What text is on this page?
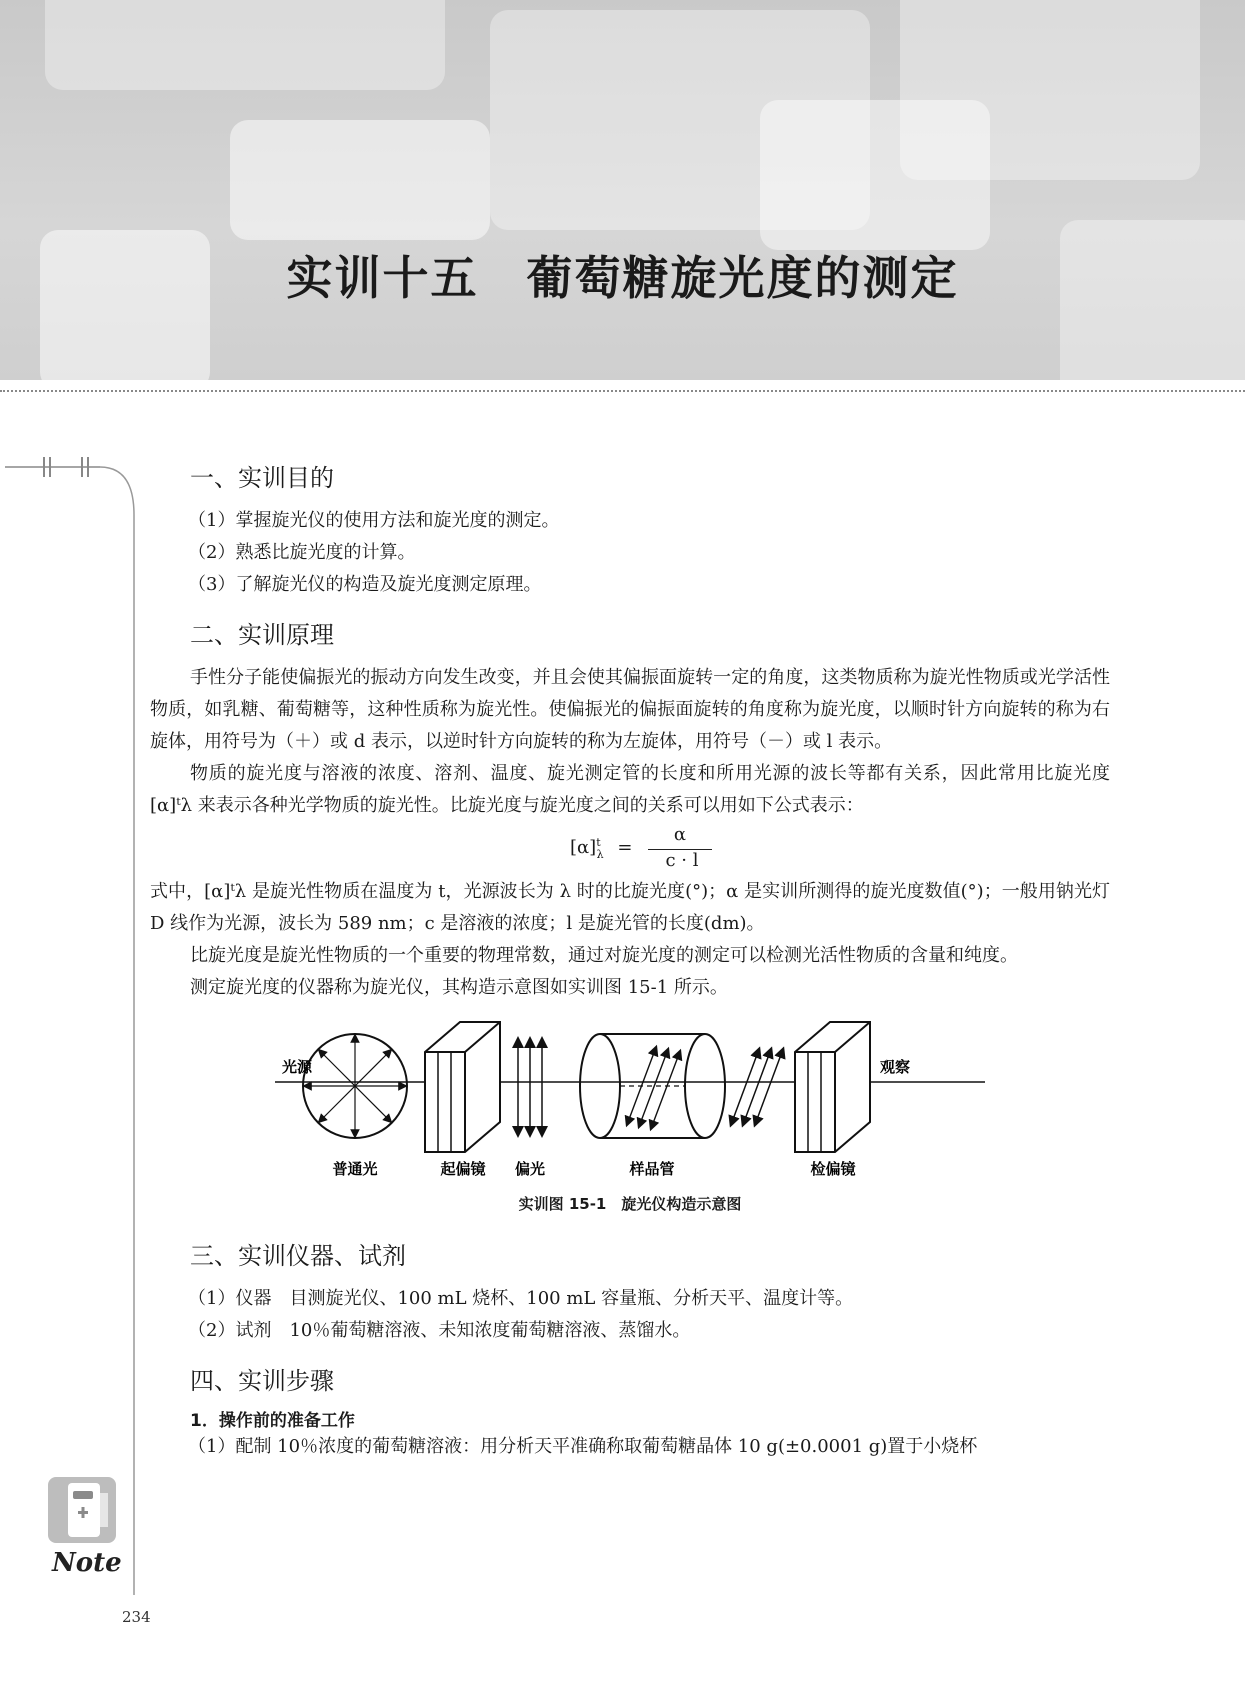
实训十五 葡萄糖旋光度的测定
Note
一、实训目的

（1）掌握旋光仪的使用方法和旋光度的测定。

（2）熟悉比旋光度的计算。

（3）了解旋光仪的构造及旋光度测定原理。

二、实训原理

手性分子能使偏振光的振动方向发生改变，并且会使其偏振面旋转一定的角度，这类物质称为旋光性物质或光学活性物质，如乳糖、葡萄糖等，这种性质称为旋光性。使偏振光的偏振面旋转的角度称为旋光度，以顺时针方向旋转的称为右旋体，用符号为（＋）或 d 表示，以逆时针方向旋转的称为左旋体，用符号（－）或 l 表示。

物质的旋光度与溶液的浓度、溶剂、温度、旋光测定管的长度和所用光源的波长等都有关系，因此常用比旋光度[α]ᵗλ 来表示各种光学物质的旋光性。比旋光度与旋光度之间的关系可以用如下公式表示：

$[\alpha]^t_\lambda$ =
α
c · l

式中，[α]ᵗλ 是旋光性物质在温度为 t，光源波长为 λ 时的比旋光度(°)；α 是实训所测得的旋光度数值(°)；一般用钠光灯 D 线作为光源，波长为 589 nm；c 是溶液的浓度；l 是旋光管的长度(dm)。

比旋光度是旋光性物质的一个重要的物理常数，通过对旋光度的测定可以检测光活性物质的含量和纯度。

测定旋光度的仪器称为旋光仪，其构造示意图如实训图 15-1 所示。

光源	观察
普通光	起偏镜 偏光	样品管	检偏镜
实训图 15-1　旋光仪构造示意图
三、实训仪器、试剂

（1）仪器　目测旋光仪、100 mL 烧杯、100 mL 容量瓶、分析天平、温度计等。

（2）试剂　10％葡萄糖溶液、未知浓度葡萄糖溶液、蒸馏水。

四、实训步骤
1．操作前的准备工作

（1）配制 10％浓度的葡萄糖溶液：用分析天平准确称取葡萄糖晶体 10 g(±0.0001 g)置于小烧杯

234
